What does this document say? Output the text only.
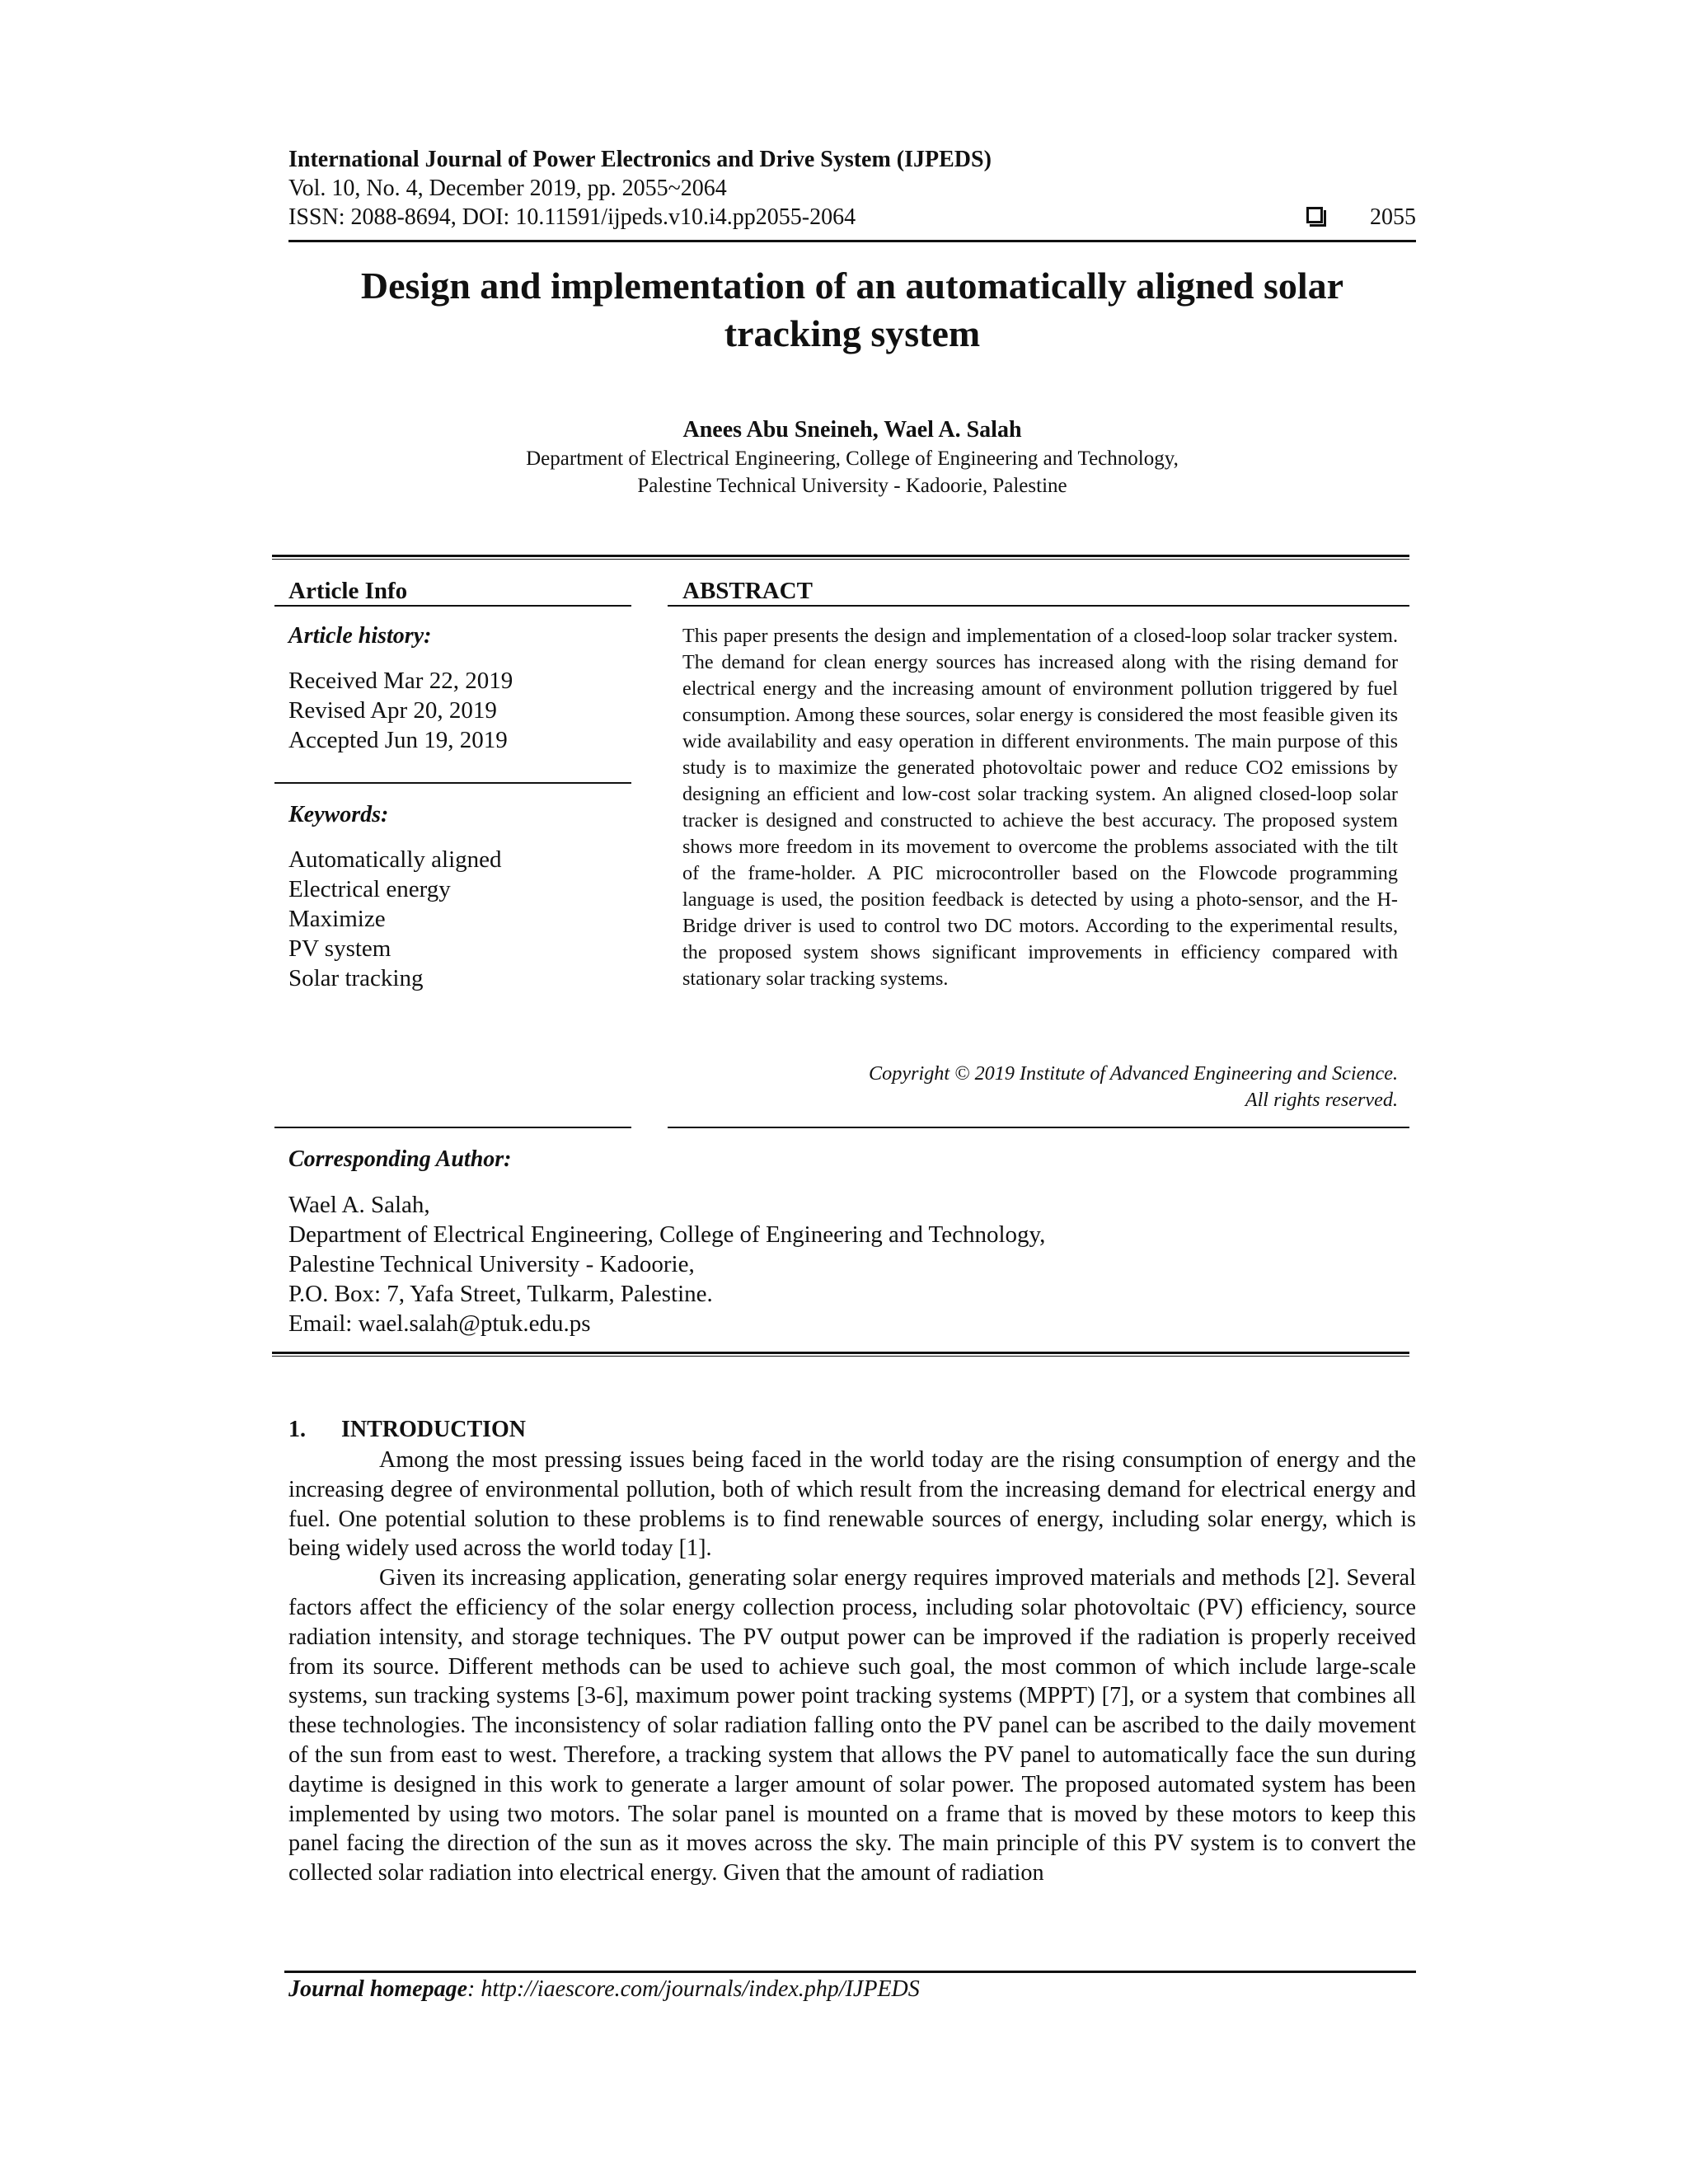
International Journal of Power Electronics and Drive System (IJPEDS)
Vol. 10, No. 4, December 2019, pp. 2055~2064
ISSN: 2088-8694, DOI: 10.11591/ijpeds.v10.i4.pp2055-2064	2055
Design and implementation of an automatically aligned solar
tracking system
Anees Abu Sneineh, Wael A. Salah
Department of Electrical Engineering, College of Engineering and Technology,
Palestine Technical University - Kadoorie, Palestine
Article Info
Article history:
Received Mar 22, 2019
Revised Apr 20, 2019
Accepted Jun 19, 2019
Keywords:
Automatically aligned
Electrical energy
Maximize
PV system
Solar tracking
ABSTRACT
This paper presents the design and implementation of a closed-loop solar tracker system. The demand for clean energy sources has increased along with the rising demand for electrical energy and the increasing amount of environment pollution triggered by fuel consumption. Among these sources, solar energy is considered the most feasible given its wide availability and easy operation in different environments. The main purpose of this study is to maximize the generated photovoltaic power and reduce CO2 emissions by designing an efficient and low-cost solar tracking system. An aligned closed-loop solar tracker is designed and constructed to achieve the best accuracy. The proposed system shows more freedom in its movement to overcome the problems associated with the tilt of the frame-holder. A PIC microcontroller based on the Flowcode programming language is used, the position feedback is detected by using a photo-sensor, and the H-Bridge driver is used to control two DC motors. According to the experimental results, the proposed system shows significant improvements in efficiency compared with stationary solar tracking systems.
Copyright © 2019 Institute of Advanced Engineering and Science.
All rights reserved.
Corresponding Author:
Wael A. Salah,
Department of Electrical Engineering, College of Engineering and Technology,
Palestine Technical University - Kadoorie,
P.O. Box: 7, Yafa Street, Tulkarm, Palestine.
Email: wael.salah@ptuk.edu.ps
1. INTRODUCTION

Among the most pressing issues being faced in the world today are the rising consumption of energy and the increasing degree of environmental pollution, both of which result from the increasing demand for electrical energy and fuel. One potential solution to these problems is to find renewable sources of energy, including solar energy, which is being widely used across the world today [1].

Given its increasing application, generating solar energy requires improved materials and methods [2]. Several factors affect the efficiency of the solar energy collection process, including solar photovoltaic (PV) efficiency, source radiation intensity, and storage techniques. The PV output power can be improved if the radiation is properly received from its source. Different methods can be used to achieve such goal, the most common of which include large-scale systems, sun tracking systems [3-6], maximum power point tracking systems (MPPT) [7], or a system that combines all these technologies. The inconsistency of solar radiation falling onto the PV panel can be ascribed to the daily movement of the sun from east to west. Therefore, a tracking system that allows the PV panel to automatically face the sun during daytime is designed in this work to generate a larger amount of solar power. The proposed automated system has been implemented by using two motors. The solar panel is mounted on a frame that is moved by these motors to keep this panel facing the direction of the sun as it moves across the sky. The main principle of this PV system is to convert the collected solar radiation into electrical energy. Given that the amount of radiation

Journal homepage: http://iaescore.com/journals/index.php/IJPEDS
